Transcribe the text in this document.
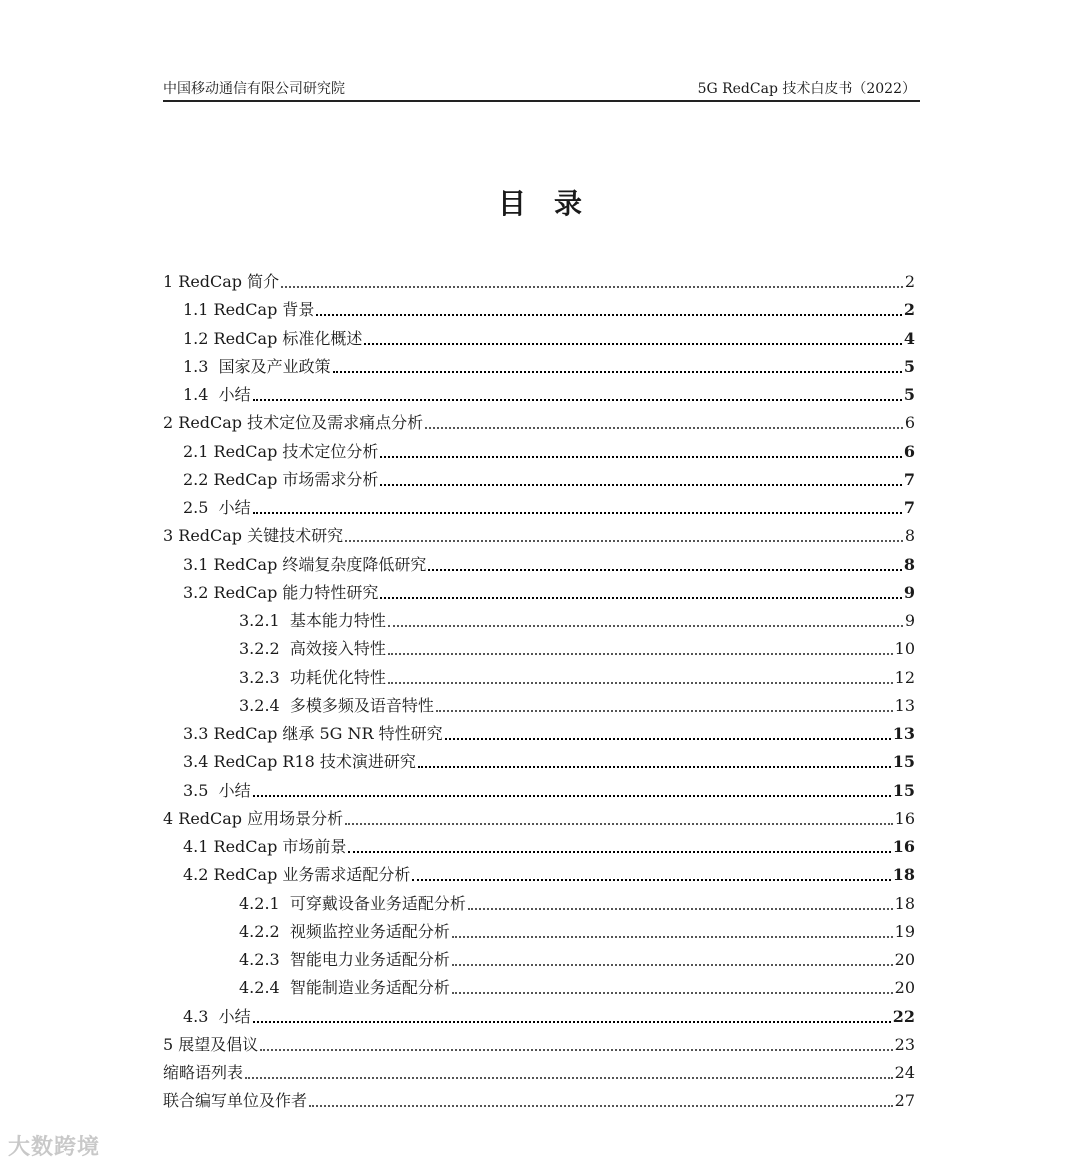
中国移动通信有限公司研究院	5G RedCap 技术白皮书（2022）
目录
1 RedCap 简介	2
1.1 RedCap 背景	2
1.2 RedCap 标准化概述	4
1.3  国家及产业政策	5
1.4  小结	5
2 RedCap 技术定位及需求痛点分析	6
2.1 RedCap 技术定位分析	6
2.2 RedCap 市场需求分析	7
2.5  小结	7
3 RedCap 关键技术研究	8
3.1 RedCap 终端复杂度降低研究	8
3.2 RedCap 能力特性研究	9
3.2.1  基本能力特性	9
3.2.2  高效接入特性	10
3.2.3  功耗优化特性	12
3.2.4  多模多频及语音特性	13
3.3 RedCap 继承 5G NR 特性研究	13
3.4 RedCap R18 技术演进研究	15
3.5  小结	15
4 RedCap 应用场景分析	16
4.1 RedCap 市场前景	16
4.2 RedCap 业务需求适配分析	18
4.2.1  可穿戴设备业务适配分析	18
4.2.2  视频监控业务适配分析	19
4.2.3  智能电力业务适配分析	20
4.2.4  智能制造业务适配分析	20
4.3  小结	22
5 展望及倡议	23
缩略语列表	24
联合编写单位及作者	27
大数跨境
